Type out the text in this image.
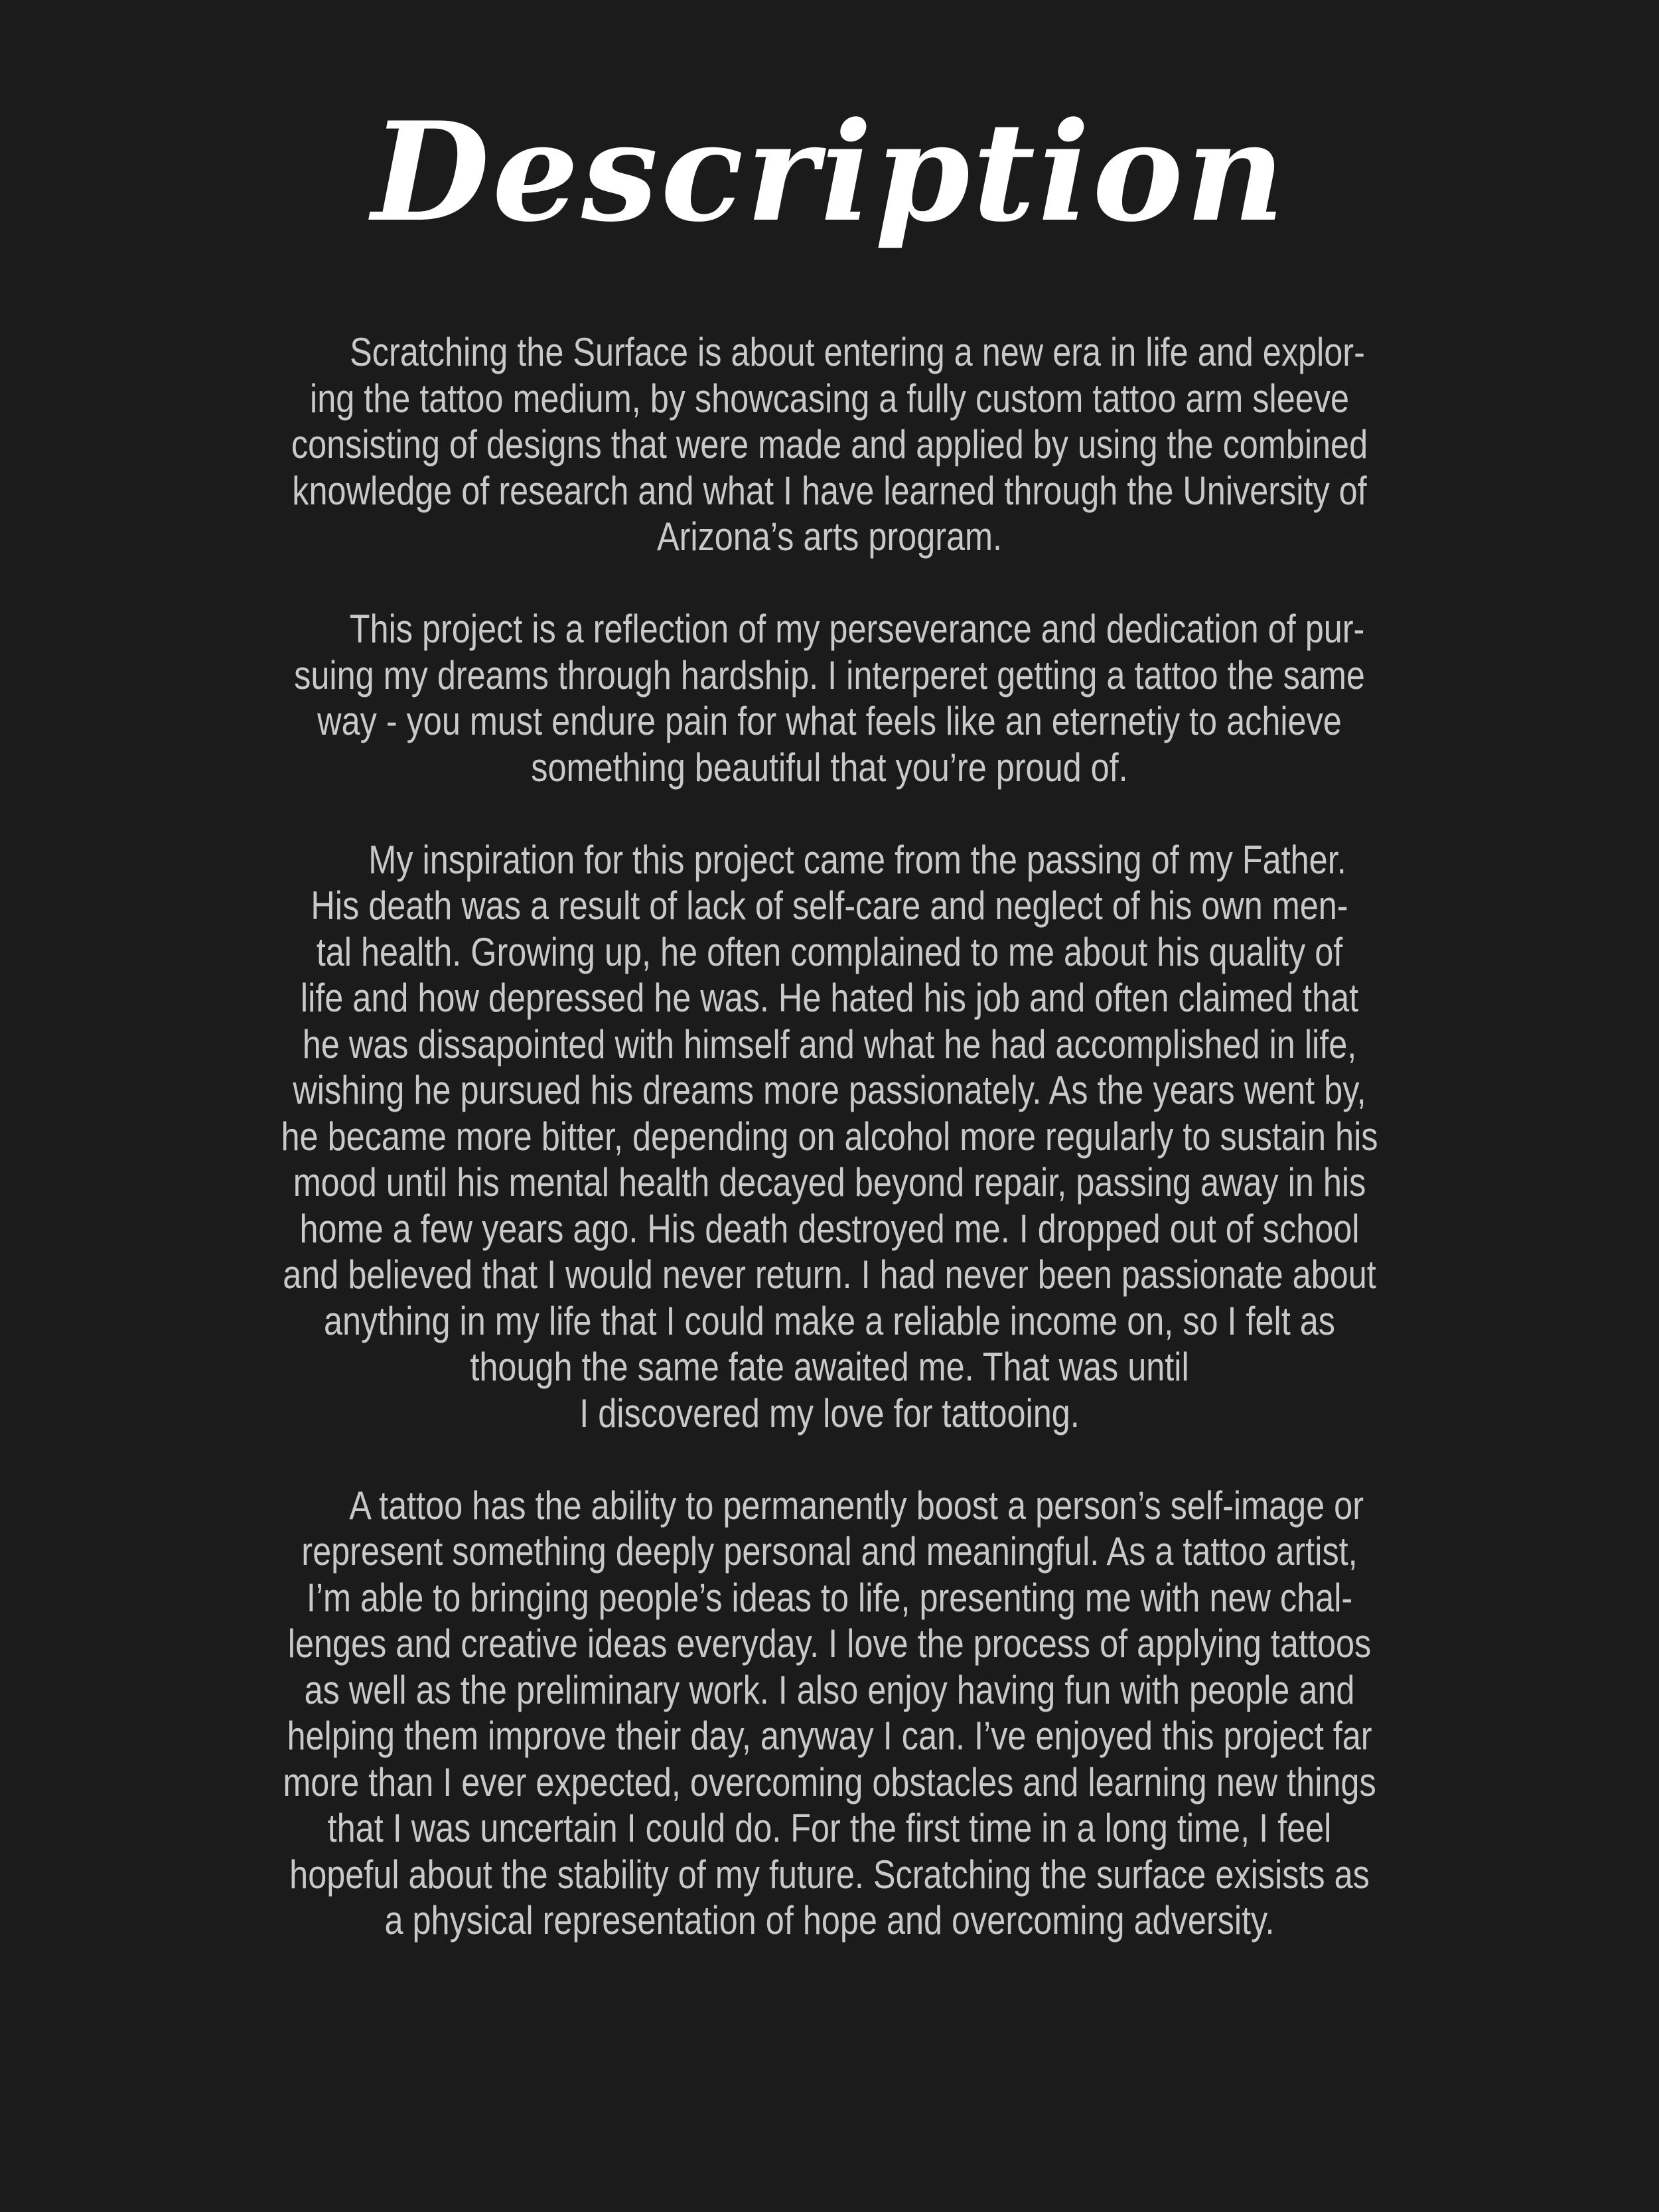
Description

Scratching the Surface is about entering a new era in life and explor-
ing the tattoo medium, by showcasing a fully custom tattoo arm sleeve
consisting of designs that were made and applied by using the combined
knowledge of research and what I have learned through the University of
Arizona’s arts program.

This project is a reflection of my perseverance and dedication of pur-
suing my dreams through hardship. I interperet getting a tattoo the same
way - you must endure pain for what feels like an eternetiy to achieve
something beautiful that you’re proud of.

My inspiration for this project came from the passing of my Father.
His death was a result of lack of self-care and neglect of his own men-
tal health. Growing up, he often complained to me about his quality of
life and how depressed he was. He hated his job and often claimed that
he was dissapointed with himself and what he had accomplished in life,
wishing he pursued his dreams more passionately. As the years went by,
he became more bitter, depending on alcohol more regularly to sustain his
mood until his mental health decayed beyond repair, passing away in his
home a few years ago. His death destroyed me. I dropped out of school
and believed that I would never return. I had never been passionate about
anything in my life that I could make a reliable income on, so I felt as
though the same fate awaited me. That was until
I discovered my love for tattooing.

A tattoo has the ability to permanently boost a person’s self-image or
represent something deeply personal and meaningful. As a tattoo artist,
I’m able to bringing people’s ideas to life, presenting me with new chal-
lenges and creative ideas everyday. I love the process of applying tattoos
as well as the preliminary work. I also enjoy having fun with people and
helping them improve their day, anyway I can. I’ve enjoyed this project far
more than I ever expected, overcoming obstacles and learning new things
that I was uncertain I could do. For the first time in a long time, I feel
hopeful about the stability of my future. Scratching the surface exisists as
a physical representation of hope and overcoming adversity.
